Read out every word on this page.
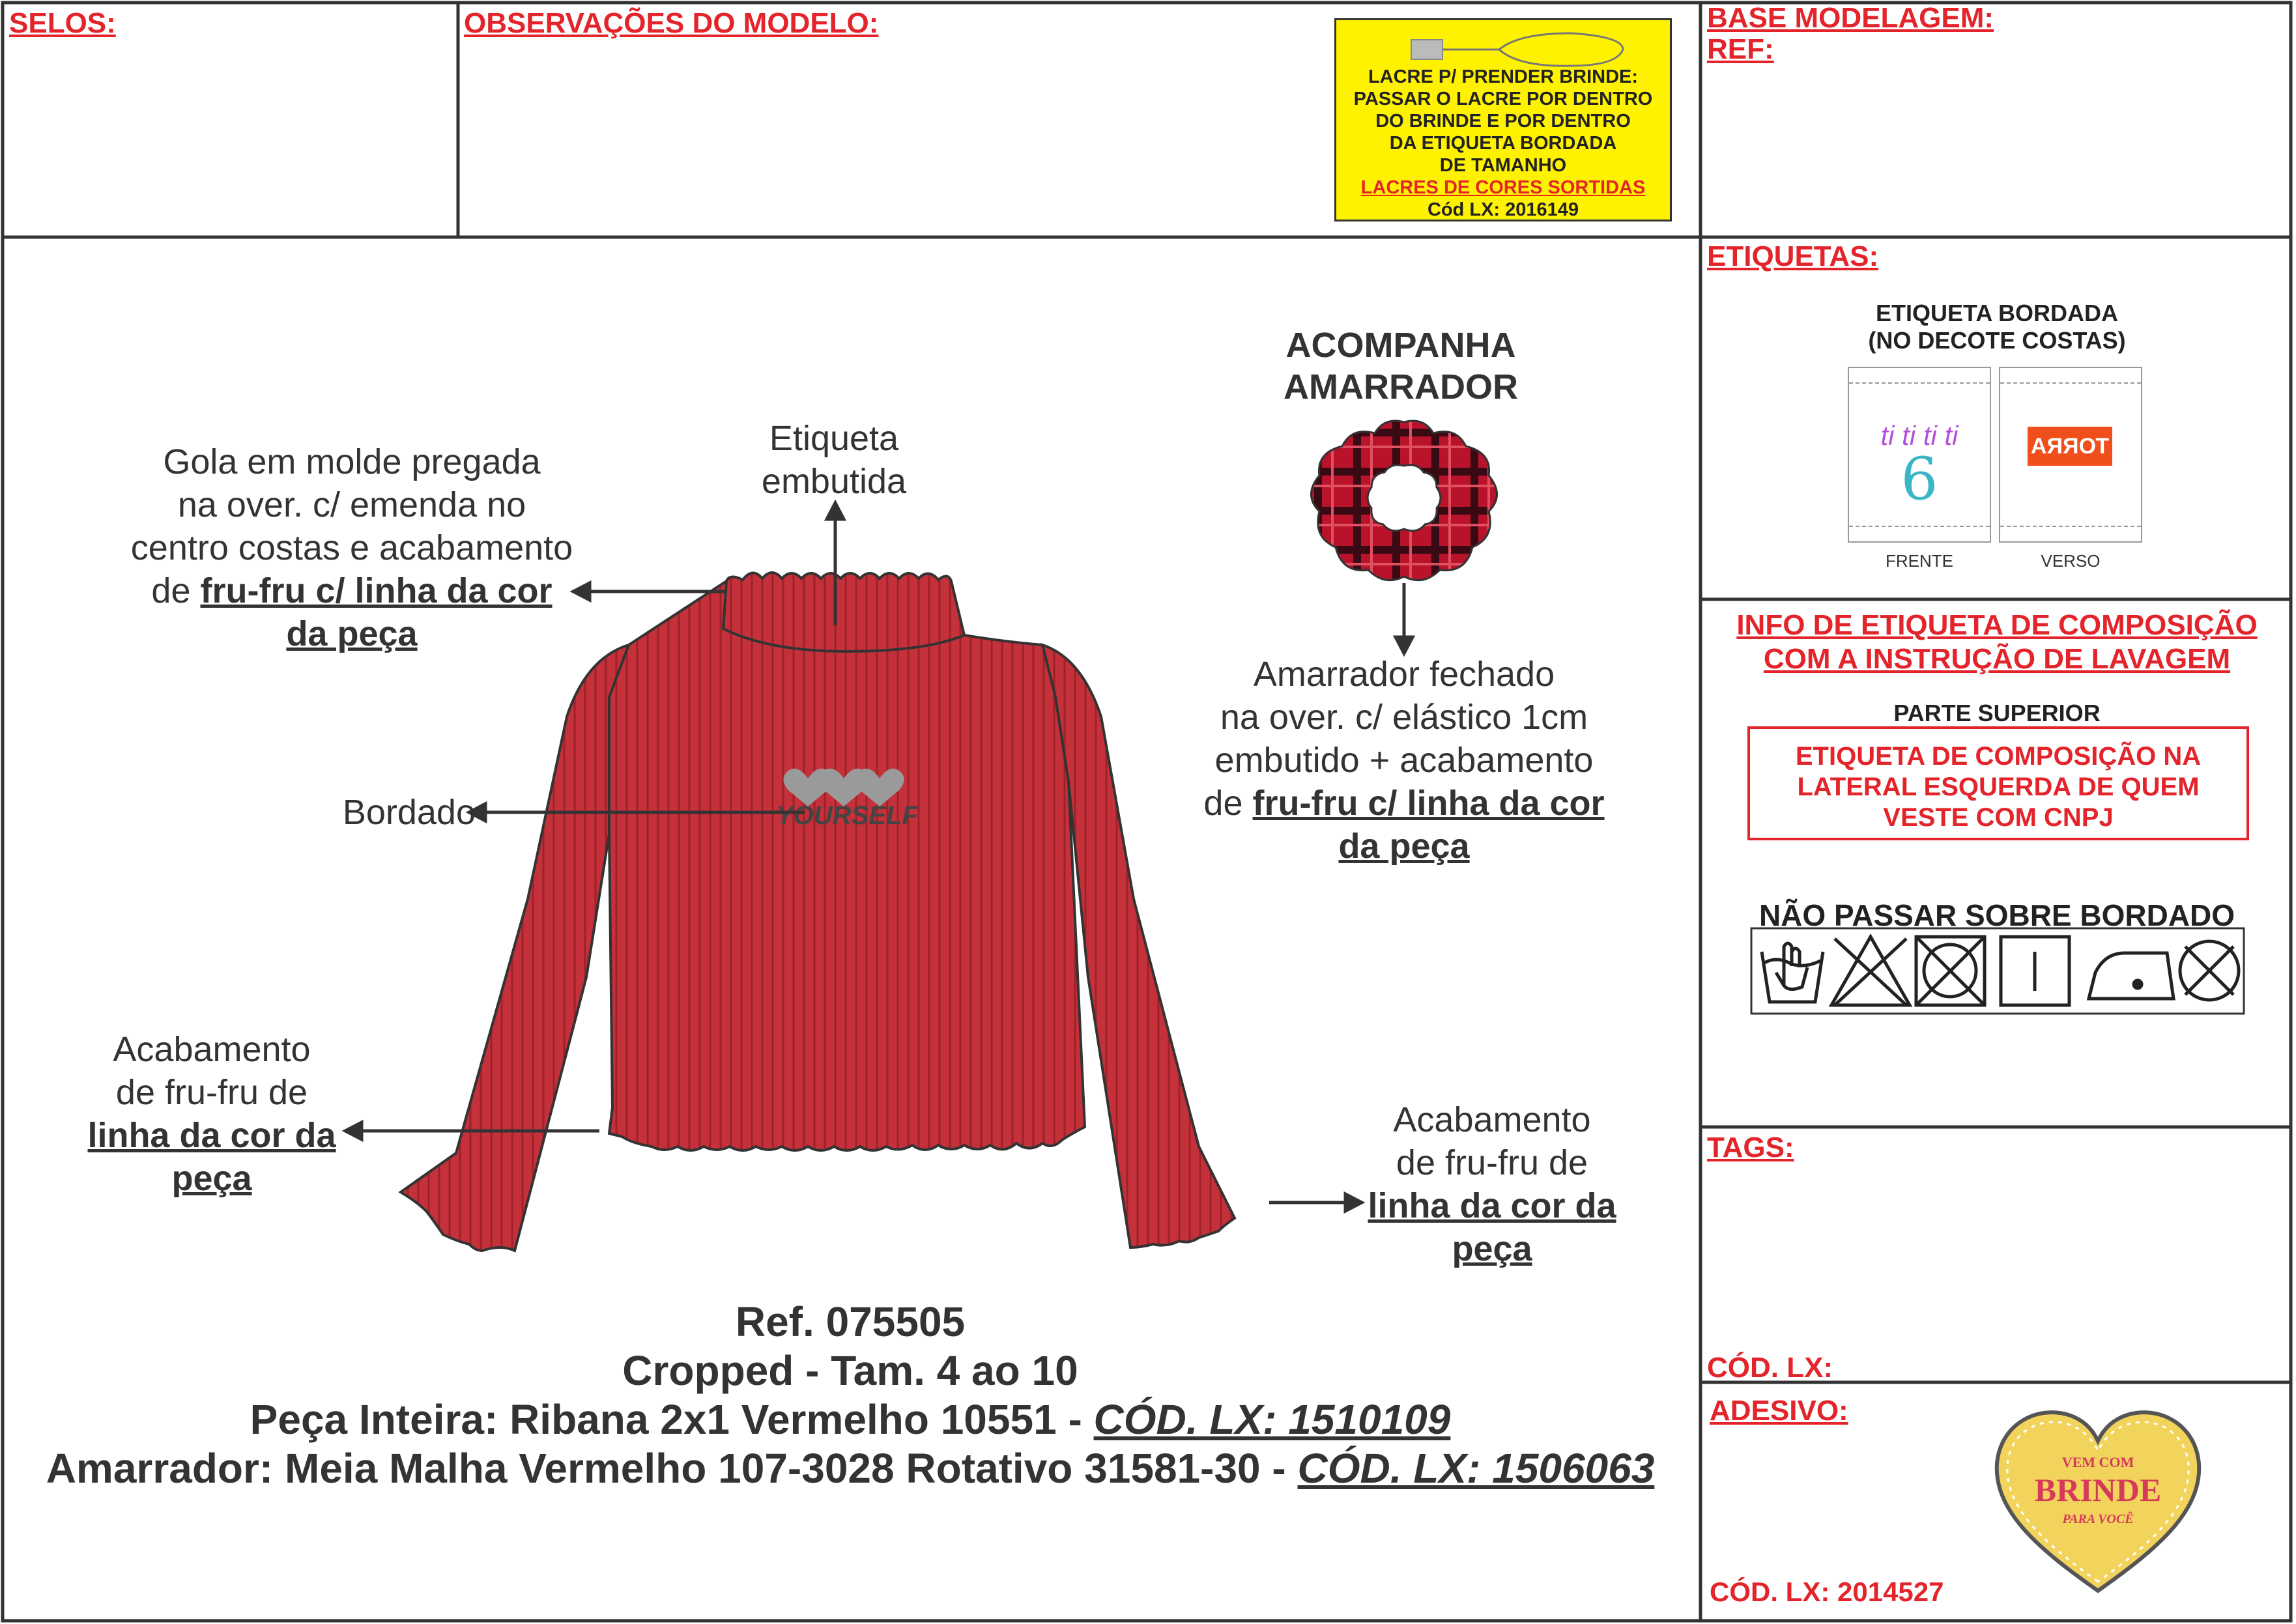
SELOS:	OBSERVAÇÕES DO MODELO:	BASE MODELAGEM:
REF:
ETIQUETAS:
INFO DE ETIQUETA DE COMPOSIÇÃO
COM A INSTRUÇÃO DE LAVAGEM
TAGS:
CÓD. LX:
ADESIVO:
LACRE P/ PRENDER BRINDE:
PASSAR O LACRE POR DENTRO
DO BRINDE E POR DENTRO
DA ETIQUETA BORDADA
DE TAMANHO
LACRES DE CORES SORTIDAS
Cód LX: 2016149
YOURSELF
Gola em molde pregada
na over. c/ emenda no
centro costas e acabamento
de fru-fru c/ linha da cor
da peça
Etiqueta
embutida
Bordado
Acabamento
de fru-fru de
linha da cor da
peça
Acabamento
de fru-fru de
linha da cor da
peça
ACOMPANHA
AMARRADOR
Amarrador fechado
na over. c/ elástico 1cm
embutido + acabamento
de fru-fru c/ linha da cor
da peça
Ref. 075505
Cropped - Tam. 4 ao 10
Peça Inteira: Ribana 2x1 Vermelho 10551 - CÓD. LX: 1510109
Amarrador: Meia Malha Vermelho 107-3028 Rotativo 31581-30 - CÓD. LX: 1506063
ETIQUETA BORDADA
(NO DECOTE COSTAS)
ti ti ti ti
6	TORRA
FRENTE	VERSO
PARTE SUPERIOR
ETIQUETA DE COMPOSIÇÃO NA
LATERAL ESQUERDA DE QUEM
VESTE COM CNPJ
NÃO PASSAR SOBRE BORDADO
VEM COM
BRINDE
PARA VOCÊ
CÓD. LX: 2014527
